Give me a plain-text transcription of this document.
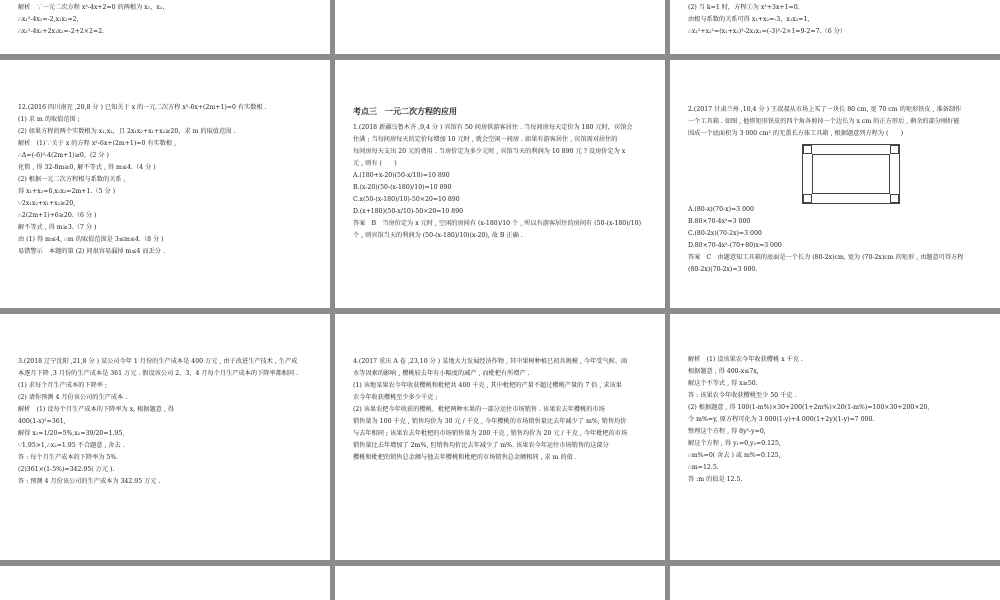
解析　∵一元二次方程 x²-4x+2=0 的两根为 x₁，x₂，

∴x₁²-4x₁=-2,x₁x₂=2,

∴x₁²-4x₁+2x₁x₂=-2+2×2=2.

(2) 当 k=1 时，方程①为 x²+3x+1=0.

由根与系数的关系可得 x₁+x₂=-3，x₁x₂=1，

∴x₁²+x₂²=(x₁+x₂)²-2x₁x₂=(-3)²-2×1=9-2=7.（6 分）

12.(2016 四川南充 ,20,8 分 ) 已知关于 x 的一元二次方程 x²-6x+(2m+1)=0 有实数根 .

(1) 求 m 的取值范围 ;

(2) 如果方程的两个实数根为 x₁,x₂，且 2x₁x₂+x₁+x₂≥20，求 m 的取值范围 .

解析　(1)∵关于 x 的方程 x²-6x+(2m+1)=0 有实数根 ,

∴Δ=(-6)²-4(2m+1)≥0，(2 分 )

化简 , 得 32-8m≥0, 解不等式 , 得 m≤4.（4 分 )

(2) 根据一元二次方程根与系数的关系 ,

得 x₁+x₂=6,x₁x₂=2m+1.（5 分 )

∵2x₁x₂+x₁+x₂≥20,

∴2(2m+1)+6≥20.（6 分 )

解不等式 , 得 m≥3.（7 分 )

由 (1) 得 m≤4, ∴m 的取值范围是 3≤m≤4.（8 分 )

易错警示　本题的第 (2) 问很容易漏掉 m≤4 而丢分 .

考点三　一元二次方程的应用

1.(2018 新疆乌鲁木齐 ,9,4 分 ) 宾馆有 50 间房供游客居住 . 当每间房每天定价为 180 元时，宾馆会

住满 ; 当每间房每天的定价每增加 10 元时 , 就会空闲一间房 . 如果有游客居住 , 宾馆需对居住的

每间房每天支出 20 元的费用 . 当房价定为多少元时 , 宾馆当天的利润为 10 890 元 ? 设房价定为 x

元 , 则有 (　　)

A.(180+x-20)(50-x/10)=10 890

B.(x-20)(50-(x-180)/10)=10 890

C.x(50-(x-180)/10)-50×20=10 890

D.(x+180)(50-x/10)-50×20=10 890

答案　B　当房价定为 x 元时 , 空闲的房间有 (x-180)/10 个 , 所以有游客居住的房间有 (50-(x-180)/10)

个 , 则宾馆当天的利润为 (50-(x-180)/10)(x-20), 故 B 正确 .

2.(2017 甘肃兰州 ,10,4 分 ) 王叔叔从市场上买了一块长 80 cm, 宽 70 cm 的矩形铁皮 , 准备制作

一个工具箱 . 如图 , 他将矩形铁皮的四个角各剪掉一个边长为 x cm 的正方形后 , 剩余的部分刚好能

围成一个底面积为 3 000 cm² 的无盖长方体工具箱 , 根据题意列方程为 (　　)

A.(80-x)(70-x)=3 000

B.80×70-4x²=3 000

C.(80-2x)(70-2x)=3 000

D.80×70-4x²-(70+80)x=3 000

答案　C　由题意知工具箱的底面是一个长为 (80-2x)cm, 宽为 (70-2x)cm 的矩形 , 由题意可得方程

(80-2x)(70-2x)=3 000.

3.(2018 辽宁沈阳 ,21,8 分 ) 某公司今年 1 月份的生产成本是 400 万元 , 由于改进生产技术 , 生产成

本逐月下降 ,3 月份的生产成本是 361 万元 . 假设该公司 2、3、4 月每个月生产成本的下降率都相同 .

(1) 求每个月生产成本的下降率 ;

(2) 请你预测 4 月份该公司的生产成本 .

解析　(1) 设每个月生产成本的下降率为 x, 根据题意 , 得

400(1-x)²=361,

解得 x₁=1/20=5%,x₂=39/20=1.95,

∵1.95>1,∴x₂=1.95 不合题意 , 舍去 .

答 : 每个月生产成本的下降率为 5%.

(2)361×(1-5%)=342.95( 万元 ).

答 : 预测 4 月份该公司的生产成本为 342.95 万元 .

4.(2017 重庆 A 卷 ,23,10 分 ) 某地大力发展经济作物 , 其中果树种植已初具规模 , 今年受气候、雨

水等因素的影响 , 樱桃较去年有小幅度的减产 , 而枇杷有所增产 .

(1) 该地某果农今年收获樱桃和枇杷共 400 千克 , 其中枇杷的产量不超过樱桃产量的 7 倍 , 求该果

农今年收获樱桃至少多少千克 ;

(2) 该果农把今年收获的樱桃、枇杷两种水果的一部分运往市场销售 . 该果农去年樱桃的市场

销售量为 100 千克 , 销售均价为 30 元 / 千克 , 今年樱桃的市场销售量比去年减少了 m%, 销售均价

与去年相同 ; 该果农去年枇杷的市场销售量为 200 千克 , 销售均价为 20 元 / 千克 , 今年枇杷的市场

销售量比去年增加了 2m%, 但销售均价比去年减少了 m%. 该果农今年运往市场销售的这部分

樱桃和枇杷的销售总金额与他去年樱桃和枇杷的市场销售总金额相同 , 求 m 的值 .

解析　(1) 设该果农今年收获樱桃 x 千克 .

根据题意 , 得 400-x≤7x,

解这个不等式 , 得 x≥50.

答 : 该果农今年收获樱桃至少 50 千克 .

(2) 根据题意 , 得 100(1-m%)×30+200(1+2m%)×20(1-m%)=100×30+200×20,

令 m%=y, 原方程可化为 3 000(1-y)+4 000(1+2y)(1-y)=7 000.

整理这个方程 , 得 8y²-y=0,

解这个方程 , 得 y₁=0,y₂=0.125,

∴m%=0( 舍去 ) 或 m%=0.125,

∴m=12.5.

答 :m 的值是 12.5.
